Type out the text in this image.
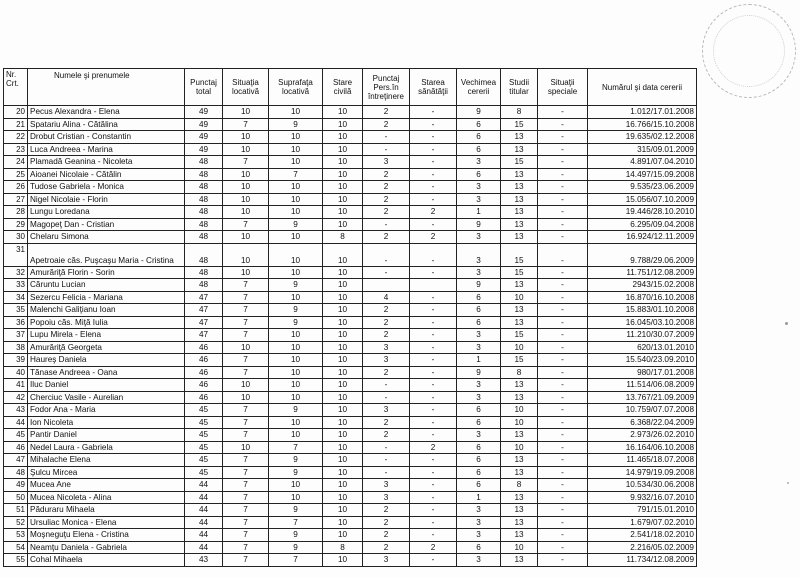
Nr. Crt.	Numele şi prenumele	Punctaj total	Situaţia locativă	Suprafaţa locativă	Stare civilă	Punctaj Pers.în întreţinere	Starea sănătăţii	Vechimea cererii	Studii titular	Situaţii speciale	Numărul şi data cererii
20	Pecus Alexandra - Elena	49	10	10	10	2	-	9	8	-	1.012/17.01.2008
21	Spatariu Alina - Cătălina	49	7	9	10	2	-	6	15	-	16.766/15.10.2008
22	Drobut Cristian - Constantin	49	10	10	10	-	-	6	13	-	19.635/02.12.2008
23	Luca Andreea - Marina	49	10	10	10	-	-	6	13	-	315/09.01.2009
24	Plamadă Geanina - Nicoleta	48	7	10	10	3	-	3	15	-	4.891/07.04.2010
25	Aioanei Nicolaie - Cătălin	48	10	7	10	2	-	6	13	-	14.497/15.09.2008
26	Tudose Gabriela - Monica	48	10	10	10	2	-	3	13	-	9.535/23.06.2009
27	Nigel Nicolaie - Florin	48	10	10	10	2	-	3	13	-	15.056/07.10.2009
28	Lungu Loredana	48	10	10	10	2	2	1	13	-	19.446/28.10.2010
29	Magopeţ Dan - Cristian	48	7	9	10	-	-	9	13	-	6.295/09.04.2008
30	Chelaru Simona	48	10	10	8	2	2	3	13	-	16.924/12.11.2009
31	Apetroaie căs. Puşcaşu Maria - Cristina	48	10	10	10	-	-	3	15	-	9.788/29.06.2009
32	Amurăriţă Florin - Sorin	48	10	10	10	-	-	3	15	-	11.751/12.08.2009
33	Căruntu Lucian	48	7	9	10			9	13	-	2943/15.02.2008
34	Sezercu Felicia - Mariana	47	7	10	10	4	-	6	10	-	16.870/16.10.2008
35	Malenchi Galiţianu Ioan	47	7	9	10	2	-	6	13	-	15.883/01.10.2008
36	Popoiu căs. Miţă Iulia	47	7	9	10	2	-	6	13	-	16.045/03.10.2008
37	Lupu Mirela - Elena	47	7	10	10	2	-	3	15	-	11.210/30.07.2009
38	Amurăriţă Georgeta	46	10	10	10	3	-	3	10	-	620/13.01.2010
39	Haureş Daniela	46	7	10	10	3	-	1	15	-	15.540/23.09.2010
40	Tănase Andreea - Oana	46	7	10	10	2	-	9	8	-	980/17.01.2008
41	Iluc Daniel	46	10	10	10	-	-	3	13	-	11.514/06.08.2009
42	Cherciuc Vasile - Aurelian	46	10	10	10	-	-	3	13	-	13.767/21.09.2009
43	Fodor Ana - Maria	45	7	9	10	3	-	6	10	-	10.759/07.07.2008
44	Ion Nicoleta	45	7	10	10	2	-	6	10	-	6.368/22.04.2009
45	Pantir Daniel	45	7	10	10	2	-	3	13	-	2.973/26.02.2010
46	Nedel Laura - Gabriela	45	10	7	10	-	2	6	10	-	16.164/06.10.2008
47	Mihalache Elena	45	7	9	10	-	-	6	13	-	11.465/18.07.2008
48	Şulcu Mircea	45	7	9	10	-	-	6	13	-	14.979/19.09.2008
49	Mucea Ane	44	7	10	10	3	-	6	8	-	10.534/30.06.2008
50	Mucea Nicoleta - Alina	44	7	10	10	3	-	1	13	-	9.932/16.07.2010
51	Păduraru Mihaela	44	7	9	10	2	-	3	13	-	791/15.01.2010
52	Ursuliac Monica - Elena	44	7	7	10	2	-	3	13	-	1.679/07.02.2010
53	Moşneguţu Elena - Cristina	44	7	9	10	2	-	3	13	-	2.541/18.02.2010
54	Neamţu Daniela - Gabriela	44	7	9	8	2	2	6	10	-	2.216/05.02.2009
55	Cohal Mihaela	43	7	7	10	3	-	3	13	-	11.734/12.08.2009
